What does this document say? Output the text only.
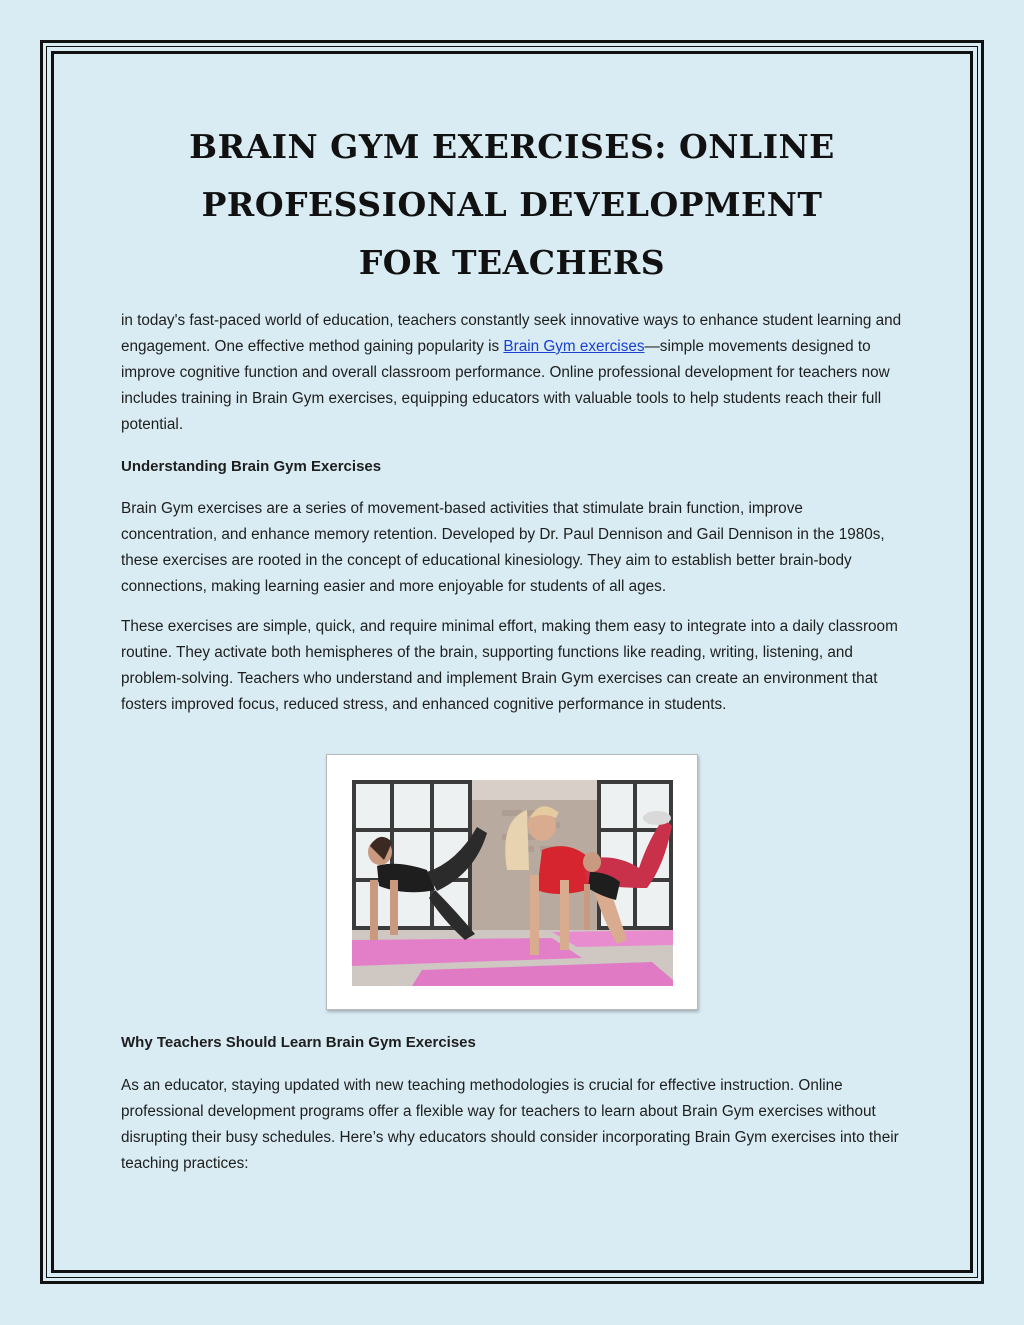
BRAIN GYM EXERCISES: ONLINE PROFESSIONAL DEVELOPMENT FOR TEACHERS

in today's fast-paced world of education, teachers constantly seek innovative ways to enhance student learning and engagement. One effective method gaining popularity is Brain Gym exercises—simple movements designed to improve cognitive function and overall classroom performance. Online professional development for teachers now includes training in Brain Gym exercises, equipping educators with valuable tools to help students reach their full potential.

Understanding Brain Gym Exercises

Brain Gym exercises are a series of movement-based activities that stimulate brain function, improve concentration, and enhance memory retention. Developed by Dr. Paul Dennison and Gail Dennison in the 1980s, these exercises are rooted in the concept of educational kinesiology. They aim to establish better brain-body connections, making learning easier and more enjoyable for students of all ages.

These exercises are simple, quick, and require minimal effort, making them easy to integrate into a daily classroom routine. They activate both hemispheres of the brain, supporting functions like reading, writing, listening, and problem-solving. Teachers who understand and implement Brain Gym exercises can create an environment that fosters improved focus, reduced stress, and enhanced cognitive performance in students.

Why Teachers Should Learn Brain Gym Exercises

As an educator, staying updated with new teaching methodologies is crucial for effective instruction. Online professional development programs offer a flexible way for teachers to learn about Brain Gym exercises without disrupting their busy schedules. Here’s why educators should consider incorporating Brain Gym exercises into their teaching practices:
